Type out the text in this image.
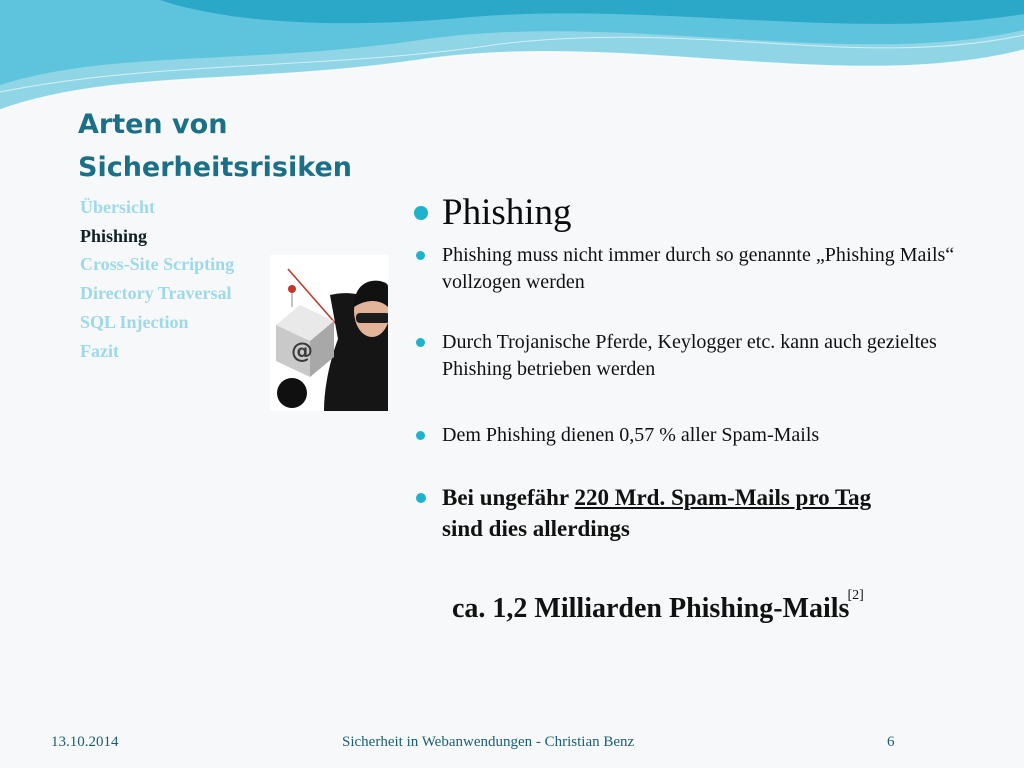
Arten von Sicherheitsrisiken
Übersicht
Phishing
Cross-Site Scripting
Directory Traversal
SQL Injection
Fazit	@
Phishing
Phishing muss nicht immer durch so genannte „Phishing Mails“ vollzogen werden
Durch Trojanische Pferde, Keylogger etc. kann auch gezieltes Phishing betrieben werden
Dem Phishing dienen 0,57 % aller Spam-Mails
Bei ungefähr 220 Mrd. Spam-Mails pro Tag
sind dies allerdings
ca. 1,2 Milliarden Phishing-Mails[2]
13.10.2014	Sicherheit in Webanwendungen - Christian Benz	6
